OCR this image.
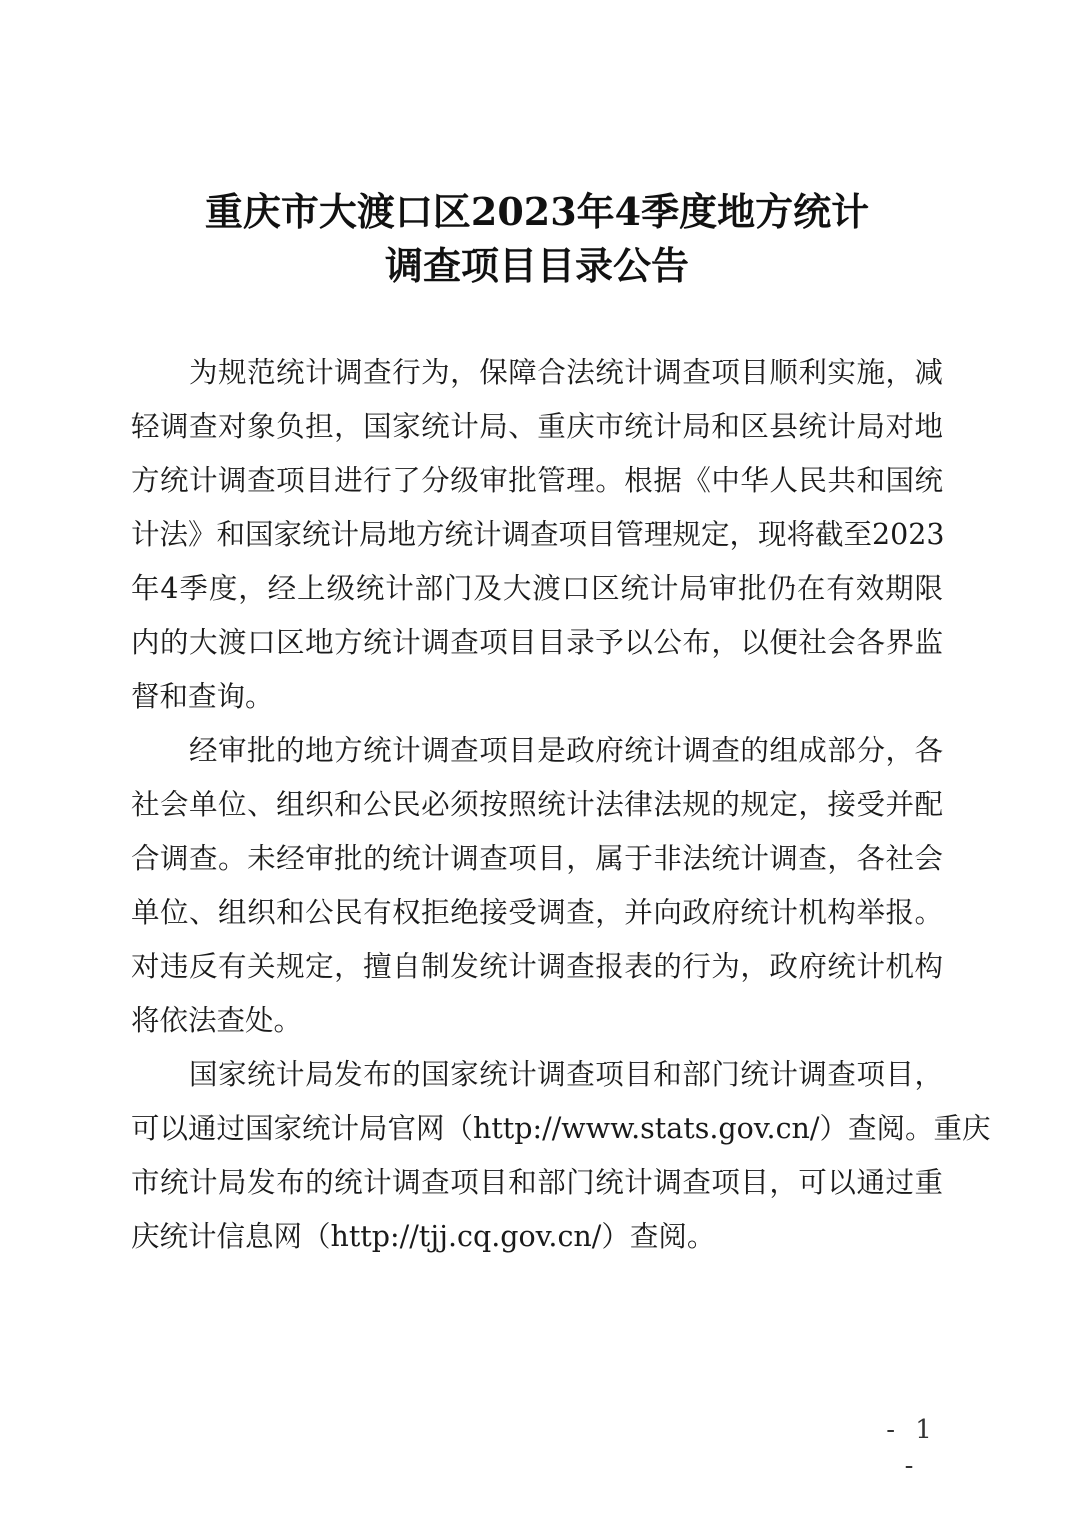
重庆市大渡口区2023年4季度地方统计
调查项目目录公告
为规范统计调查行为，保障合法统计调查项目顺利实施，减
轻调查对象负担，国家统计局、重庆市统计局和区县统计局对地
方统计调查项目进行了分级审批管理。根据《中华人民共和国统
计法》和国家统计局地方统计调查项目管理规定，现将截至2023
年4季度，经上级统计部门及大渡口区统计局审批仍在有效期限
内的大渡口区地方统计调查项目目录予以公布，以便社会各界监
督和查询。
经审批的地方统计调查项目是政府统计调查的组成部分，各
社会单位、组织和公民必须按照统计法律法规的规定，接受并配
合调查。未经审批的统计调查项目，属于非法统计调查，各社会
单位、组织和公民有权拒绝接受调查，并向政府统计机构举报。
对违反有关规定，擅自制发统计调查报表的行为，政府统计机构
将依法查处。
国家统计局发布的国家统计调查项目和部门统计调查项目，
可以通过国家统计局官网（http://www.stats.gov.cn/）查阅。重庆
市统计局发布的统计调查项目和部门统计调查项目，可以通过重
庆统计信息网（http://tjj.cq.gov.cn/）查阅。
- 1 -
